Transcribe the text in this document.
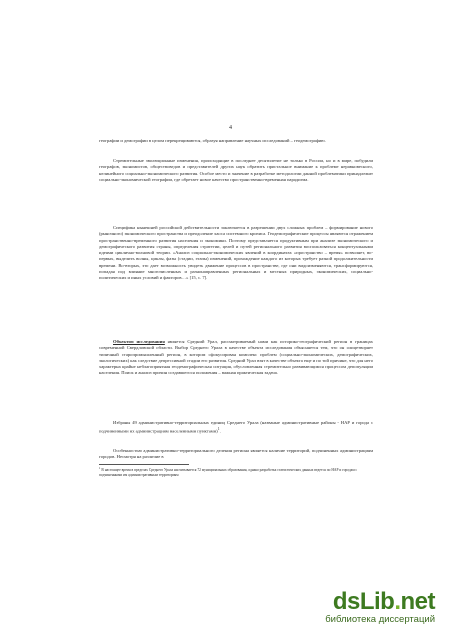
4

географии и демографии в целом перекрещиваются, образуя направление научных исследований – геодемографию.

Стремительные эволюционные изменения, происходящие в последнее десятилетие не только в России, но и в мире, побудили географов, экономистов, обществоведов и представителей других наук обратить пристальное внимание к проблеме неравновесного, нелинейного социально-экономического развития. Особое место и значение в разработке методологии данной проблематики принадлежит социально-экономической географии, где обретает новое качество пространственно-временная парадигма.

Специфика нынешней российской действительности заключается в разрешении двух сложных проблем – формирование нового (рыночного) экономического пространства и преодоление хаоса системного кризиса. Геодемографические процессы являются отражением пространственно-временного развития населения и экономики. Поэтому представляется продуктивным при анализе экономического и демографического развития страны, определения стратегии, целей и путей регионального развития воспользоваться концептуальными идеями циклично-волновой теории. «Анализ социально-экономических явлений в координатах «пространство – время» позволяет, во-первых, выделить волны, циклы, фазы (стадии, этапы) изменений, прохождение каждого из которых требует разной продолжительности времени. Во-вторых, это дает возможность увидеть движение процессов в пространстве, где они видоизменяются, трансформируются, попадая под влияние многочисленных и разнонаправленных региональных и местных природных, экономических, социально-политических и иных условий и факторов…» [15, с. 7].

Объектом исследования является Средний Урал, рассматриваемый нами как историко-географический регион в границах современной Свердловской области. Выбор Среднего Урала в качестве объекта исследования объясняется тем, что он олицетворяет типичный старопромышленный регион, в котором сфокусирован комплекс проблем (социально-экономических, демографических, экологических) как следствие депрессивной стадии его развития. Средний Урал взят в качестве объекта еще и по той причине, что для него характерна крайне неблагоприятная геодемографическая ситуация, обусловленная стремительно развивающимся процессом депопуляции населения. Поиск и анализ причин создавшегося положения – важная практическая задача.

Избраны 49 административно-территориальных единиц Среднего Урала (названые административные районы - НАР и города с подчиненными их администрациям населенными пунктами)$^1$.

Особенностью административно-территориального деления региона является наличие территорий, подчиненных администрациям городов. Несмотря на различие в

$^1$ В настоящее время в пределах Среднего Урала насчитывается 72 муниципальных образования, однако разработка статистических данных ведется по НАР и городам с подчиненными им административным территориям

dsLib.net
библиотека диссертаций
